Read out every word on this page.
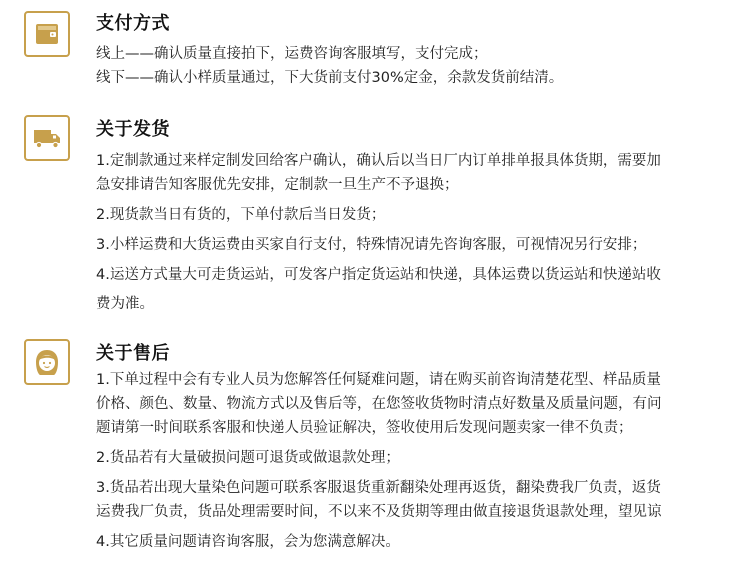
支付方式
线上——确认质量直接拍下，运费咨询客服填写，支付完成；
线下——确认小样质量通过，下大货前支付30%定金，余款发货前结清。
关于发货
1.定制款通过来样定制发回给客户确认，确认后以当日厂内订单排单报具体货期，需要加
急安排请告知客服优先安排，定制款一旦生产不予退换；
2.现货款当日有货的，下单付款后当日发货；
3.小样运费和大货运费由买家自行支付，特殊情况请先咨询客服，可视情况另行安排；
4.运送方式量大可走货运站，可发客户指定货运站和快递，具体运费以货运站和快递站收
费为准。
关于售后
1.下单过程中会有专业人员为您解答任何疑难问题，请在购买前咨询清楚花型、样品质量
价格、颜色、数量、物流方式以及售后等，在您签收货物时清点好数量及质量问题，有问
题请第一时间联系客服和快递人员验证解决，签收使用后发现问题卖家一律不负责；
2.货品若有大量破损问题可退货或做退款处理；
3.货品若出现大量染色问题可联系客服退货重新翻染处理再返货，翻染费我厂负责，返货
运费我厂负责，货品处理需要时间，不以来不及货期等理由做直接退货退款处理，望见谅
4.其它质量问题请咨询客服，会为您满意解决。
